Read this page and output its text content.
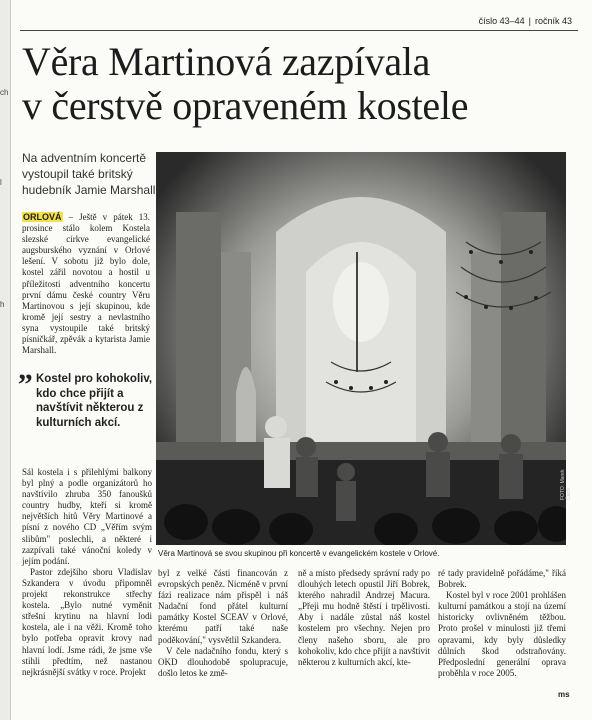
ch
l
h
číslo 43–44 | ročník 43
Věra Martinová zazpívala
v čerstvě opraveném kostele
Na adventním koncertě vystoupil také britský hudebník Jamie Marshall
ORLOVÁ – Ještě v pátek 13. prosince stálo kolem Kostela slezské církve evangelické augsburského vyznání v Orlové lešení. V sobotu již bylo dole, kostel zářil novotou a hostil u příležitosti adventního koncertu první dámu české country Věru Martinovou s její skupinou, kde kromě její sestry a nevlastního syna vystoupile také britský písničkář, zpěvák a kytarista Jamie Marshall.
„ Kostel pro kohokoliv, kdo chce přijít a navštívit některou z kulturních akcí.

Sál kostela i s přilehlými balkony byl plný a podle organizátorů ho navštívilo zhruba 350 fanoušků country hudby, kteří si kromě největších hitů Věry Martinové a písní z nového CD „Věřím svým slibům" poslechli, a některé i zazpívali také vánoční koledy v jejím podání.

Pastor zdejšího sboru Vladislav Szkandera v úvodu připomněl projekt rekonstrukce střechy kostela. „Bylo nutné vyměnit střešní krytinu na hlavní lodi kostela, ale i na věži. Kromě toho bylo potřeba opravit krovy nad hlavní lodí. Jsme rádi, že jsme vše stihli předtím, než nastanou nejkrásnější svátky v roce. Projekt

FOTO: Marek Čech
Věra Martinová se svou skupinou při koncertě v evangelickém kostele v Orlové.

byl z velké části financován z evropských peněz. Nicméně v první fázi realizace nám přispěl i náš Nadační fond přátel kulturní památky Kostel SCEAV v Orlové, kterému patří také naše poděkování," vysvětlil Szkandera.

V čele nadačního fondu, který s OKD dlouhodobě spolupracuje, došlo letos ke změ-

ně a místo předsedy správní rady po dlouhých letech opustil Jiří Bobrek, kterého nahradil Andrzej Macura. „Přeji mu hodně štěstí i trpělivosti. Aby i nadále zůstal náš kostel kostelem pro všechny. Nejen pro členy našeho sboru, ale pro kohokoliv, kdo chce přijít a navštívit některou z kulturních akcí, kte-

ré tady pravidelně pořádáme," říká Bobrek.

Kostel byl v roce 2001 prohlášen kulturní památkou a stojí na území historicky ovlivněném těžbou. Proto prošel v minulosti již třemi opravami, kdy byly důsledky důlních škod odstraňovány. Předposlední generální oprava proběhla v roce 2005.

ms
